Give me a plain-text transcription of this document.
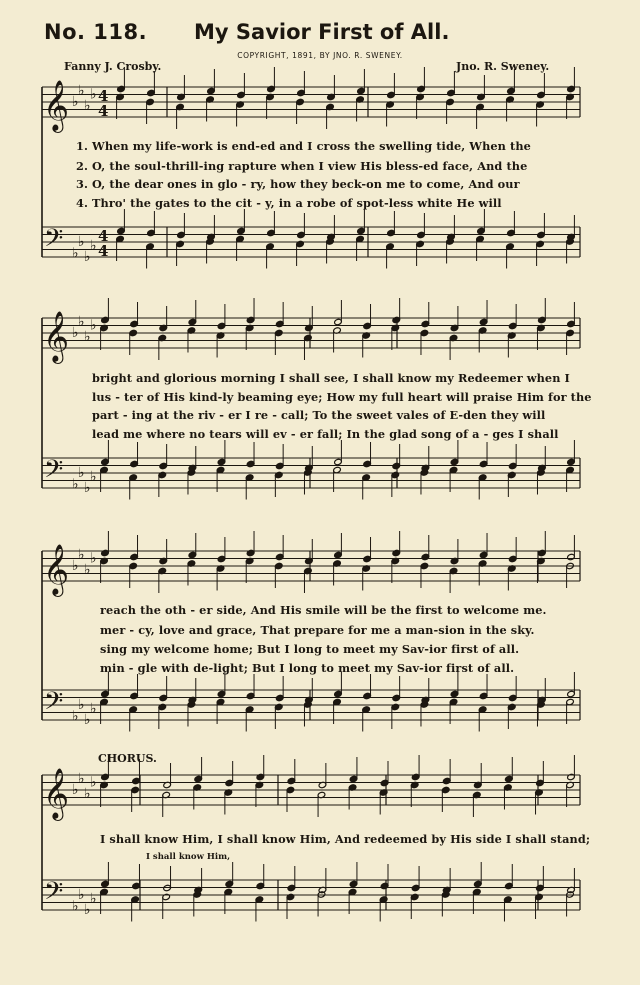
No. 118. My Savior First of All.
COPYRIGHT, 1891, BY JNO. R. SWENEY.
Fanny J. Crosby.	Jno. R. Sweney.
𝄞
𝄢
♭
♭
♭
♭
♭
♭
♭
♭
4
4
4
4
𝄞
𝄢
♭
♭
♭
♭
♭
♭
♭
♭
𝄞
𝄢
♭
♭
♭
♭
♭
♭
♭
♭
𝄞
𝄢
♭
♭
♭
♭
♭
♭
♭
♭
1. When my life-work is end-ed and I cross the swelling tide, When the
2. O, the soul-thrill-ing rapture when I view His bless-ed face, And the
3. O, the dear ones in glo - ry, how they beck-on me to come, And our
4. Thro' the gates to the cit - y, in a robe of spot-less white He will
bright and glorious morning I shall see, I shall know my Redeemer when I
lus - ter of His kind-ly beaming eye; How my full heart will praise Him for the
part - ing at the riv - er I re - call; To the sweet vales of E-den they will
lead me where no tears will ev - er fall; In the glad song of a - ges I shall
reach the oth - er side, And His smile will be the first to welcome me.
mer - cy, love and grace, That prepare for me a man-sion in the sky.
sing my welcome home; But I long to meet my Sav-ior first of all.
min - gle with de-light; But I long to meet my Sav-ior first of all.
CHORUS.
I shall know Him, I shall know Him, And redeemed by His side I shall stand;
I shall know Him,
